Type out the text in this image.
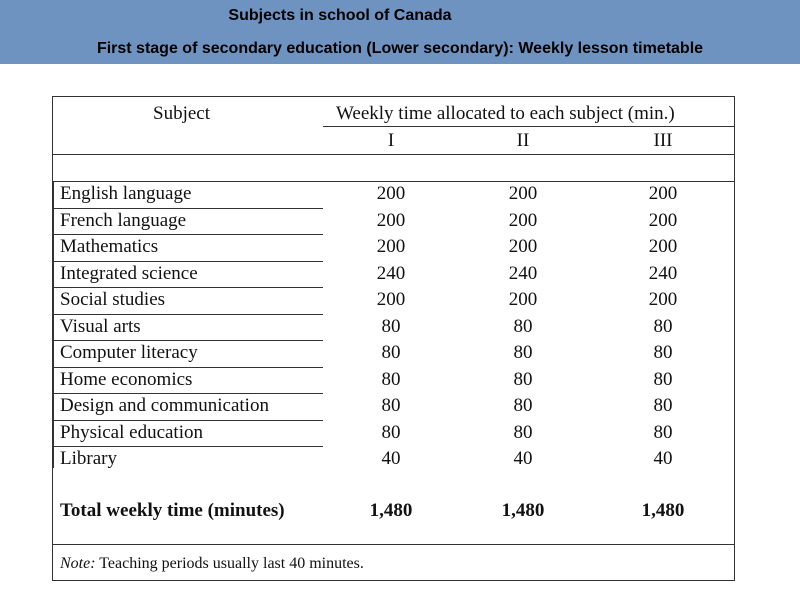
Subjects in school of Canada
First stage of secondary education (Lower secondary): Weekly lesson timetable
Subject	Weekly time allocated to each subject (min.)
I	II	III
English language	200	200	200
French language	200	200	200
Mathematics	200	200	200
Integrated science	240	240	240
Social studies	200	200	200
Visual arts	80	80	80
Computer literacy	80	80	80
Home economics	80	80	80
Design and communication	80	80	80
Physical education	80	80	80
Library	40	40	40
Total weekly time (minutes)	1,480	1,480	1,480
Note: Teaching periods usually last 40 minutes.
